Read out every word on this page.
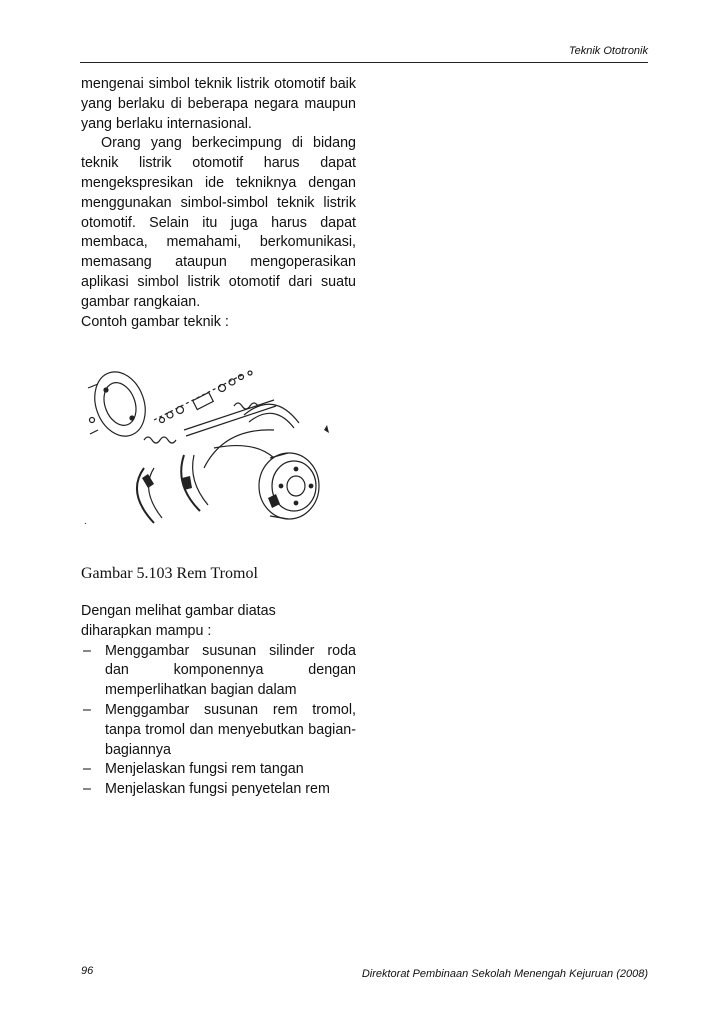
Teknik Ototronik

mengenai simbol teknik listrik otomotif baik yang berlaku di beberapa negara maupun yang berlaku internasional.

Orang yang berkecimpung di bidang teknik listrik otomotif harus dapat mengekspresikan ide tekniknya dengan menggunakan simbol-simbol teknik listrik otomotif. Selain itu juga harus dapat membaca, memahami, berkomunikasi, memasang ataupun mengoperasikan aplikasi simbol listrik otomotif dari suatu gambar rangkaian.

Contoh gambar teknik :

.
Gambar 5.103 Rem Tromol
Dengan melihat gambar diatas
diharapkan mampu :
– Menggambar susunan silinder roda dan komponennya dengan memperlihatkan bagian dalam
– Menggambar susunan rem tromol, tanpa tromol dan menyebutkan bagian-bagiannya
– Menjelaskan fungsi rem tangan
– Menjelaskan fungsi penyetelan rem
96	Direktorat Pembinaan Sekolah Menengah Kejuruan (2008)
